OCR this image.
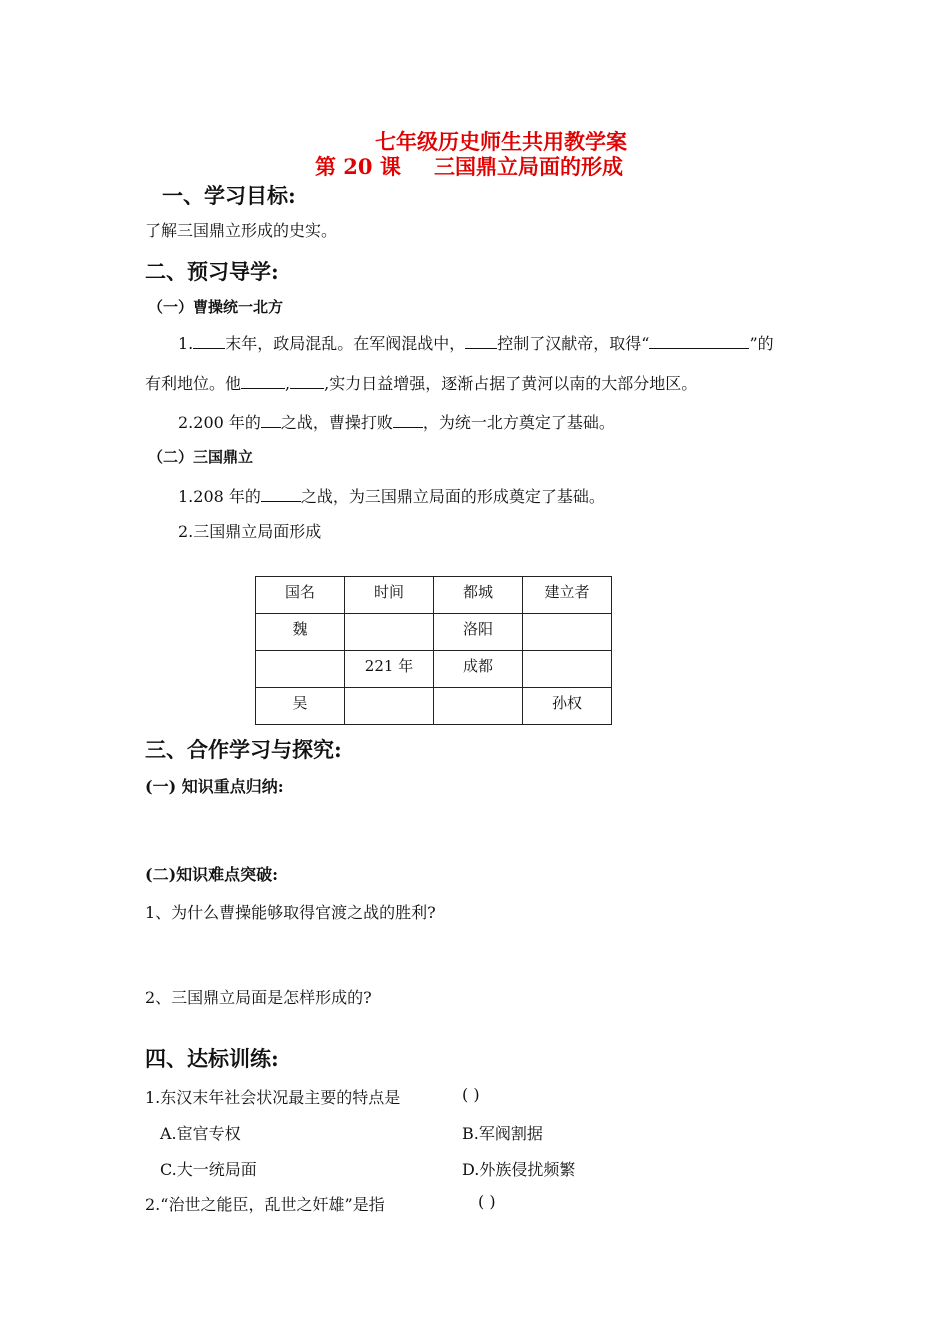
七年级历史师生共用教学案
第 20 课 三国鼎立局面的形成
一、学习目标:
了解三国鼎立形成的史实。
二、预习导学:
（一）曹操统一北方
1. 末年，政局混乱。在军阀混战中， 控制了汉献帝，取得“	”的
有利地位。他	, ,实力日益增强，逐渐占据了黄河以南的大部分地区。
2.200 年的 之战，曹操打败 ，为统一北方奠定了基础。
（二）三国鼎立
1.208 年的	之战，为三国鼎立局面的形成奠定了基础。
2.三国鼎立局面形成
国名	时间	都城	建立者
魏		洛阳	
	221 年	成都	
吴			孙权
三、合作学习与探究:
(一) 知识重点归纳:
(二)知识难点突破:
1、为什么曹操能够取得官渡之战的胜利?
2、三国鼎立局面是怎样形成的?
四、达标训练:
1.东汉末年社会状况最主要的特点是	( )
A.宦官专权	B.军阀割据
C.大一统局面	D.外族侵扰频繁
2.“治世之能臣，乱世之奸雄”是指	( )
